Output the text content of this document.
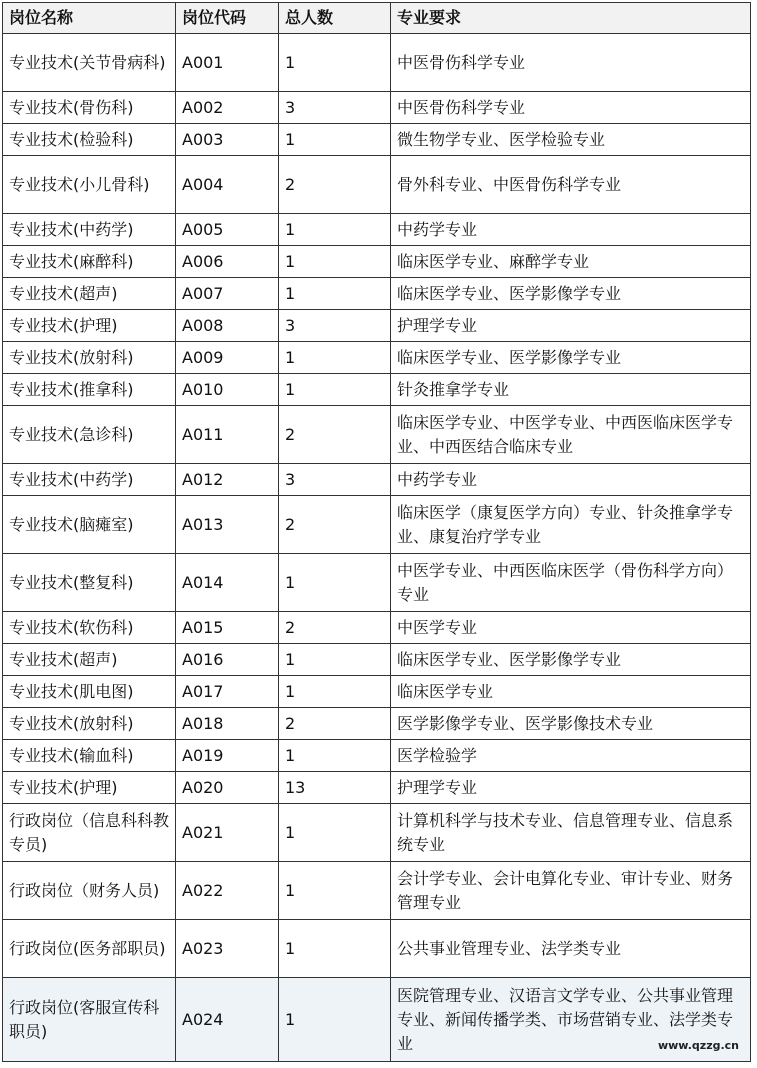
岗位名称	岗位代码	总人数	专业要求
专业技术(关节骨病科)	A001	1	中医骨伤科学专业
专业技术(骨伤科)	A002	3	中医骨伤科学专业
专业技术(检验科)	A003	1	微生物学专业、医学检验专业
专业技术(小儿骨科)	A004	2	骨外科专业、中医骨伤科学专业
专业技术(中药学)	A005	1	中药学专业
专业技术(麻醉科)	A006	1	临床医学专业、麻醉学专业
专业技术(超声)	A007	1	临床医学专业、医学影像学专业
专业技术(护理)	A008	3	护理学专业
专业技术(放射科)	A009	1	临床医学专业、医学影像学专业
专业技术(推拿科)	A010	1	针灸推拿学专业
专业技术(急诊科)	A011	2	临床医学专业、中医学专业、中西医临床医学专业、中西医结合临床专业
专业技术(中药学)	A012	3	中药学专业
专业技术(脑瘫室)	A013	2	临床医学（康复医学方向）专业、针灸推拿学专业、康复治疗学专业
专业技术(整复科)	A014	1	中医学专业、中西医临床医学（骨伤科学方向）专业
专业技术(软伤科)	A015	2	中医学专业
专业技术(超声)	A016	1	临床医学专业、医学影像学专业
专业技术(肌电图)	A017	1	临床医学专业
专业技术(放射科)	A018	2	医学影像学专业、医学影像技术专业
专业技术(输血科)	A019	1	医学检验学
专业技术(护理)	A020	13	护理学专业
行政岗位（信息科科教专员)	A021	1	计算机科学与技术专业、信息管理专业、信息系统专业
行政岗位（财务人员)	A022	1	会计学专业、会计电算化专业、审计专业、财务管理专业
行政岗位(医务部职员)	A023	1	公共事业管理专业、法学类专业
行政岗位(客服宣传科职员)	A024	1	医院管理专业、汉语言文学专业、公共事业管理专业、新闻传播学类、市场营销专业、法学类专业	www.qzzg.cn
